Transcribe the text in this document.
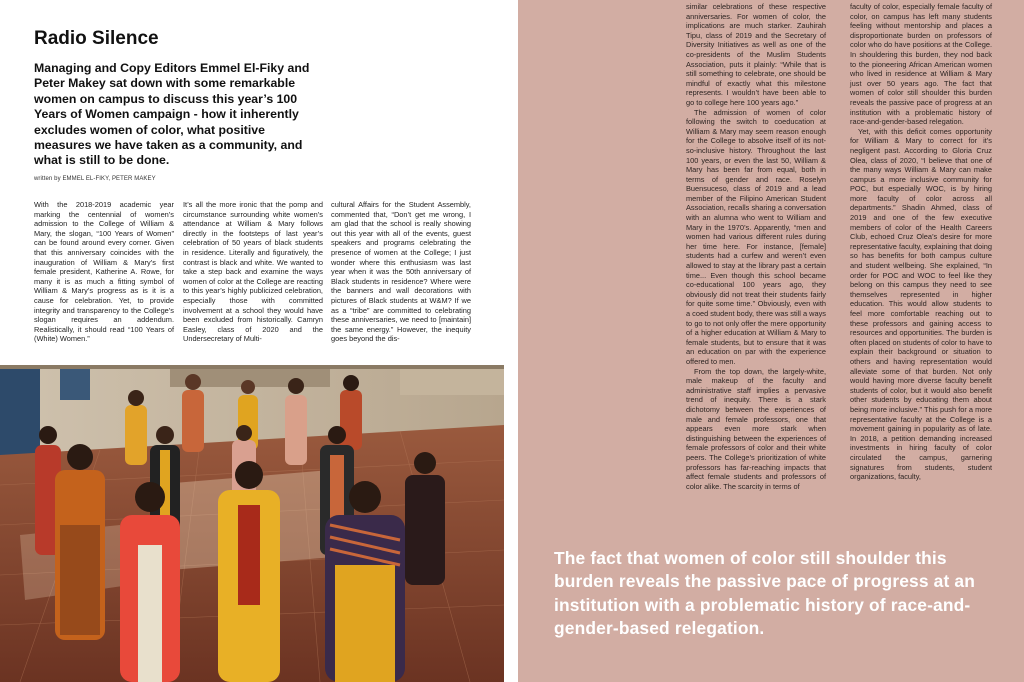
Radio Silence

Managing and Copy Editors Emmel El-Fiky and Peter Makey sat down with some remarkable women on campus to discuss this year’s 100 Years of Women campaign - how it inherently excludes women of color, what positive measures we have taken as a community, and what is still to be done.

written by EMMEL EL-FIKY, PETER MAKEY

With the 2018-2019 academic year marking the centennial of women’s admission to the College of William & Mary, the slogan, “100 Years of Women” can be found around every corner. Given that this anniversary coincides with the inauguration of William & Mary’s first female president, Katherine A. Rowe, for many it is as much a fitting symbol of William & Mary’s progress as is it is a cause for celebration. Yet, to provide integrity and transparency to the College’s slogan requires an addendum. Realistically, it should read “100 Years of (White) Women.”

It’s all the more ironic that the pomp and circumstance surrounding white women’s attendance at William & Mary follows directly in the footsteps of last year’s celebration of 50 years of black students in residence. Literally and figuratively, the contrast is black and white. We wanted to take a step back and examine the ways women of color at the College are reacting to this year’s highly publicized celebration, especially those with committed involvement at a school they would have been excluded from historically. Camryn Easley, class of 2020 and the Undersecretary of Multi-

cultural Affairs for the Student Assembly, commented that, “Don’t get me wrong, I am glad that the school is really showing out this year with all of the events, guest speakers and programs celebrating the presence of women at the College; I just wonder where this enthusiasm was last year when it was the 50th anniversary of Black students in residence? Where were the banners and wall decorations with pictures of Black students at W&M? If we as a “tribe” are committed to celebrating these anniversaries, we need to [maintain] the same energy.” However, the inequity goes beyond the dis-

similar celebrations of these respective anniversaries. For women of color, the implications are much starker. Zauhirah Tipu, class of 2019 and the Secretary of Diversity Initiatives as well as one of the co-presidents of the Muslim Students Association, puts it plainly: “While that is still something to celebrate, one should be mindful of exactly what this milestone represents. I wouldn’t have been able to go to college here 100 years ago.”

The admission of women of color following the switch to coeducation at William & Mary may seem reason enough for the College to absolve itself of its not-so-inclusive history. Throughout the last 100 years, or even the last 50, William & Mary has been far from equal, both in terms of gender and race. Roselyn Buensuceso, class of 2019 and a lead member of the Filipino American Student Association, recalls sharing a conversation with an alumna who went to William and Mary in the 1970’s. Apparently, “men and women had various different rules during her time here. For instance, [female] students had a curfew and weren’t even allowed to stay at the library past a certain time... Even though this school became co-educational 100 years ago, they obviously did not treat their students fairly for quite some time.” Obviously, even with a coed student body, there was still a ways to go to not only offer the mere opportunity of a higher education at William & Mary to female students, but to ensure that it was an education on par with the experience offered to men.

From the top down, the largely-white, male makeup of the faculty and administrative staff implies a pervasive trend of inequity. There is a stark dichotomy between the experiences of male and female professors, one that appears even more stark when distinguishing between the experiences of female professors of color and their white peers. The College’s prioritization of white professors has far-reaching impacts that affect female students and professors of color alike. The scarcity in terms of

faculty of color, especially female faculty of color, on campus has left many students feeling without mentorship and places a disproportionate burden on professors of color who do have positions at the College. In shouldering this burden, they nod back to the pioneering African American women who lived in residence at William & Mary just over 50 years ago. The fact that women of color still shoulder this burden reveals the passive pace of progress at an institution with a problematic history of race-and-gender-based relegation.

Yet, with this deficit comes opportunity for William & Mary to correct for it’s negligent past. According to Gloria Cruz Olea, class of 2020, “I believe that one of the many ways William & Mary can make campus a more inclusive community for POC, but especially WOC, is by hiring more faculty of color across all departments.” Shadin Ahmed, class of 2019 and one of the few executive members of color of the Health Careers Club, echoed Cruz Olea’s desire for more representative faculty, explaining that doing so has benefits for both campus culture and student wellbeing. She explained, “In order for POC and WOC to feel like they belong on this campus they need to see themselves represented in higher education. This would allow students to feel more comfortable reaching out to these professors and gaining access to resources and opportunities. The burden is often placed on students of color to have to explain their background or situation to others and having representation would alleviate some of that burden. Not only would having more diverse faculty benefit students of color, but it would also benefit other students by educating them about being more inclusive.” This push for a more representative faculty at the College is a movement gaining in popularity as of late. In 2018, a petition demanding increased investments in hiring faculty of color circulated the campus, garnering signatures from students, student organizations, faculty,

The fact that women of color still shoulder this burden reveals the passive pace of progress at an institution with a problematic history of race-and-gender-based relegation.
